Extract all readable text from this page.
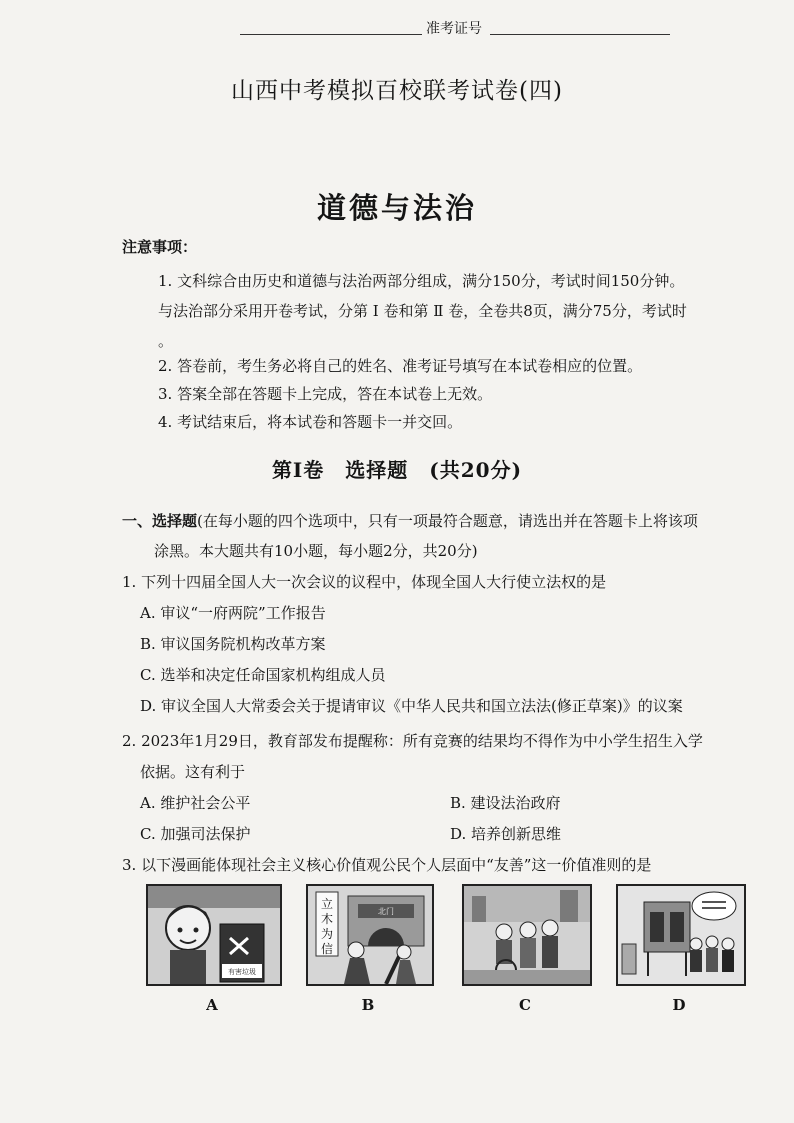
准考证号
山西中考模拟百校联考试卷(四)
道德与法治
注意事项：
1. 文科综合由历史和道德与法治两部分组成，满分150分，考试时间150分钟。
与法治部分采用开卷考试，分第 Ⅰ 卷和第 Ⅱ 卷，全卷共8页，满分75分，考试时
。
2. 答卷前，考生务必将自己的姓名、准考证号填写在本试卷相应的位置。
3. 答案全部在答题卡上完成，答在本试卷上无效。
4. 考试结束后，将本试卷和答题卡一并交回。
第Ⅰ卷　选择题　(共20分)
一、选择题(在每小题的四个选项中，只有一项最符合题意，请选出并在答题卡上将该项
涂黑。本大题共有10小题，每小题2分，共20分)
1. 下列十四届全国人大一次会议的议程中，体现全国人大行使立法权的是
A. 审议“一府两院”工作报告
B. 审议国务院机构改革方案
C. 选举和决定任命国家机构组成人员
D. 审议全国人大常委会关于提请审议《中华人民共和国立法法(修正草案)》的议案
2. 2023年1月29日，教育部发布提醒称：所有竞赛的结果均不得作为中小学生招生入学
依据。这有利于
A. 维护社会公平	B. 建设法治政府
C. 加强司法保护	D. 培养创新思维
3. 以下漫画能体现社会主义核心价值观公民个人层面中“友善”这一价值准则的是
有害垃圾
北门
立
木
为
信
A	B	C	D
